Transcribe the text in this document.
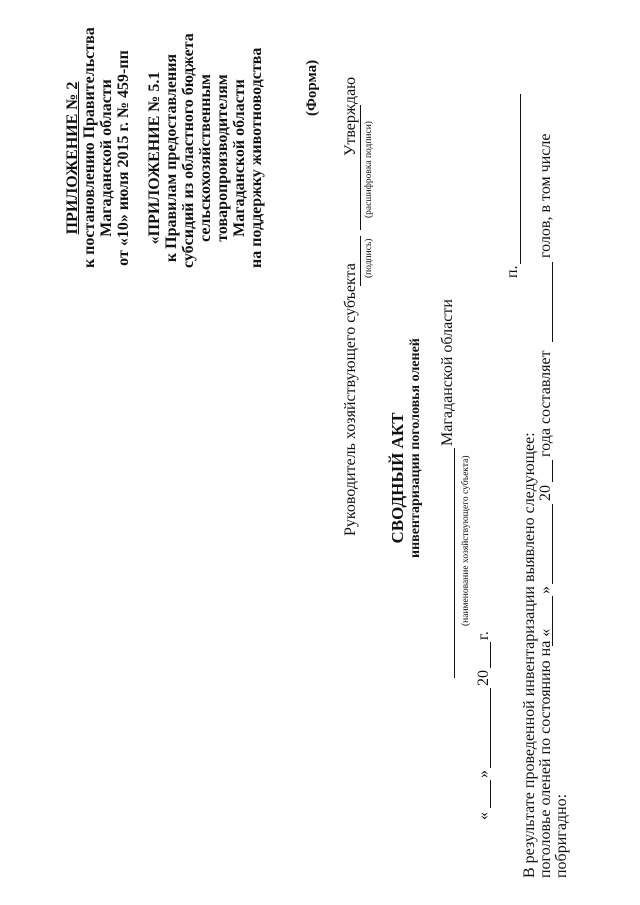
ПРИЛОЖЕНИЕ № 2 к постановлению Правительства Магаданской области от «10» июля 2015 г. № 459-пп «ПРИЛОЖЕНИЕ № 5.1 к Правилам предоставления субсидий из областного бюджета сельскохозяйственным товаропроизводителям Магаданской области на поддержку животноводства	(Форма) Утверждаю
Руководитель хозяйствующего субъекта
(подпись)
(расшифровка подписи)
СВОДНЫЙ АКТ инвентаризации поголовья оленей Магаданской области
(наименование хозяйствующего субъекта)
п.
«
»
20
г. В результате проведенной инвентаризации выявлено следующее: поголовье оленей по состоянию на «
»
20
года составляет
голов, в том числе
побригадно:
